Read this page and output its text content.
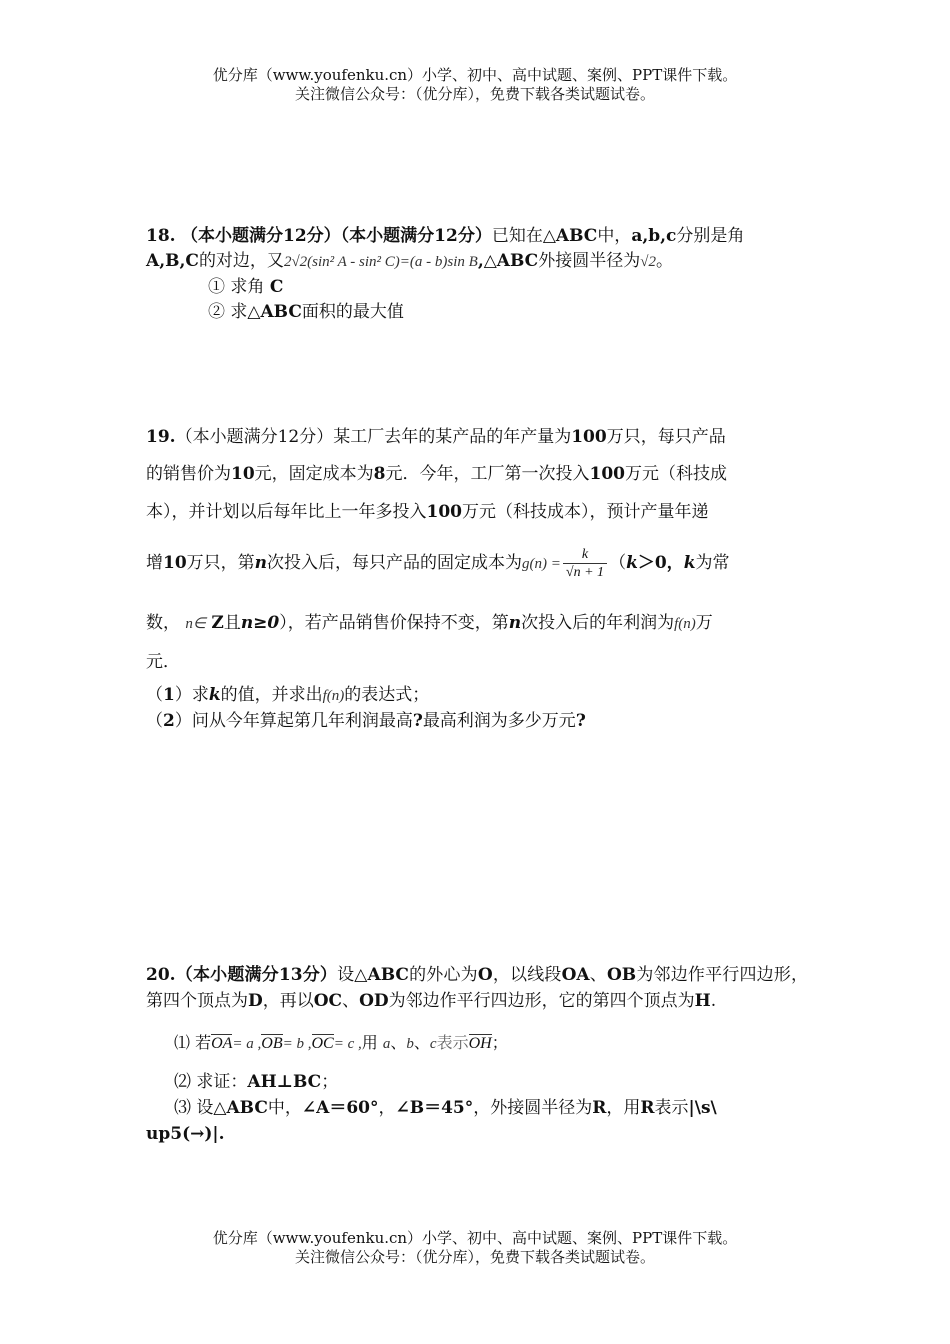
优分库（www.youfenku.cn）小学、初中、高中试题、案例、PPT课件下载。
关注微信公众号：（优分库），免费下载各类试题试卷。
18. （本小题满分12分）（本小题满分12分）已知在△ABC中，a,b,c分别是角
A,B,C的对边，又2√2(sin² A - sin² C)=(a - b)sin B,△ABC外接圆半径为√2。
① 求角 C
② 求△ABC面积的最大值
19.（本小题满分12分）某工厂去年的某产品的年产量为100万只，每只产品
的销售价为10元，固定成本为8元．今年，工厂第一次投入100万元（科技成
本），并计划以后每年比上一年多投入100万元（科技成本），预计产量年递
增10万只，第n次投入后，每只产品的固定成本为$g(n) = \frac{k}{√n + 1} (k>0$，k为常
数， n∈ Z且n≥0），若产品销售价保持不变，第n次投入后的年利润为f(n)万
元．
（1）求k的值，并求出f(n)的表达式；
（2）问从今年算起第几年利润最高?最高利润为多少万元?
20.（本小题满分13分）设△ABC的外心为O，以线段OA、OB为邻边作平行四边形，第四个顶点为D，再以OC、OD为邻边作平行四边形，它的第四个顶点为H.
⑴ 若OA= a ,OB= b ,OC= c ,用 a、b、c表示OH；
⑵ 求证：AH⊥BC；
⑶ 设△ABC中，∠A＝60°，∠B＝45°，外接圆半径为R，用R表示|\s\
up5(→)|.
优分库（www.youfenku.cn）小学、初中、高中试题、案例、PPT课件下载。
关注微信公众号：（优分库），免费下载各类试题试卷。
